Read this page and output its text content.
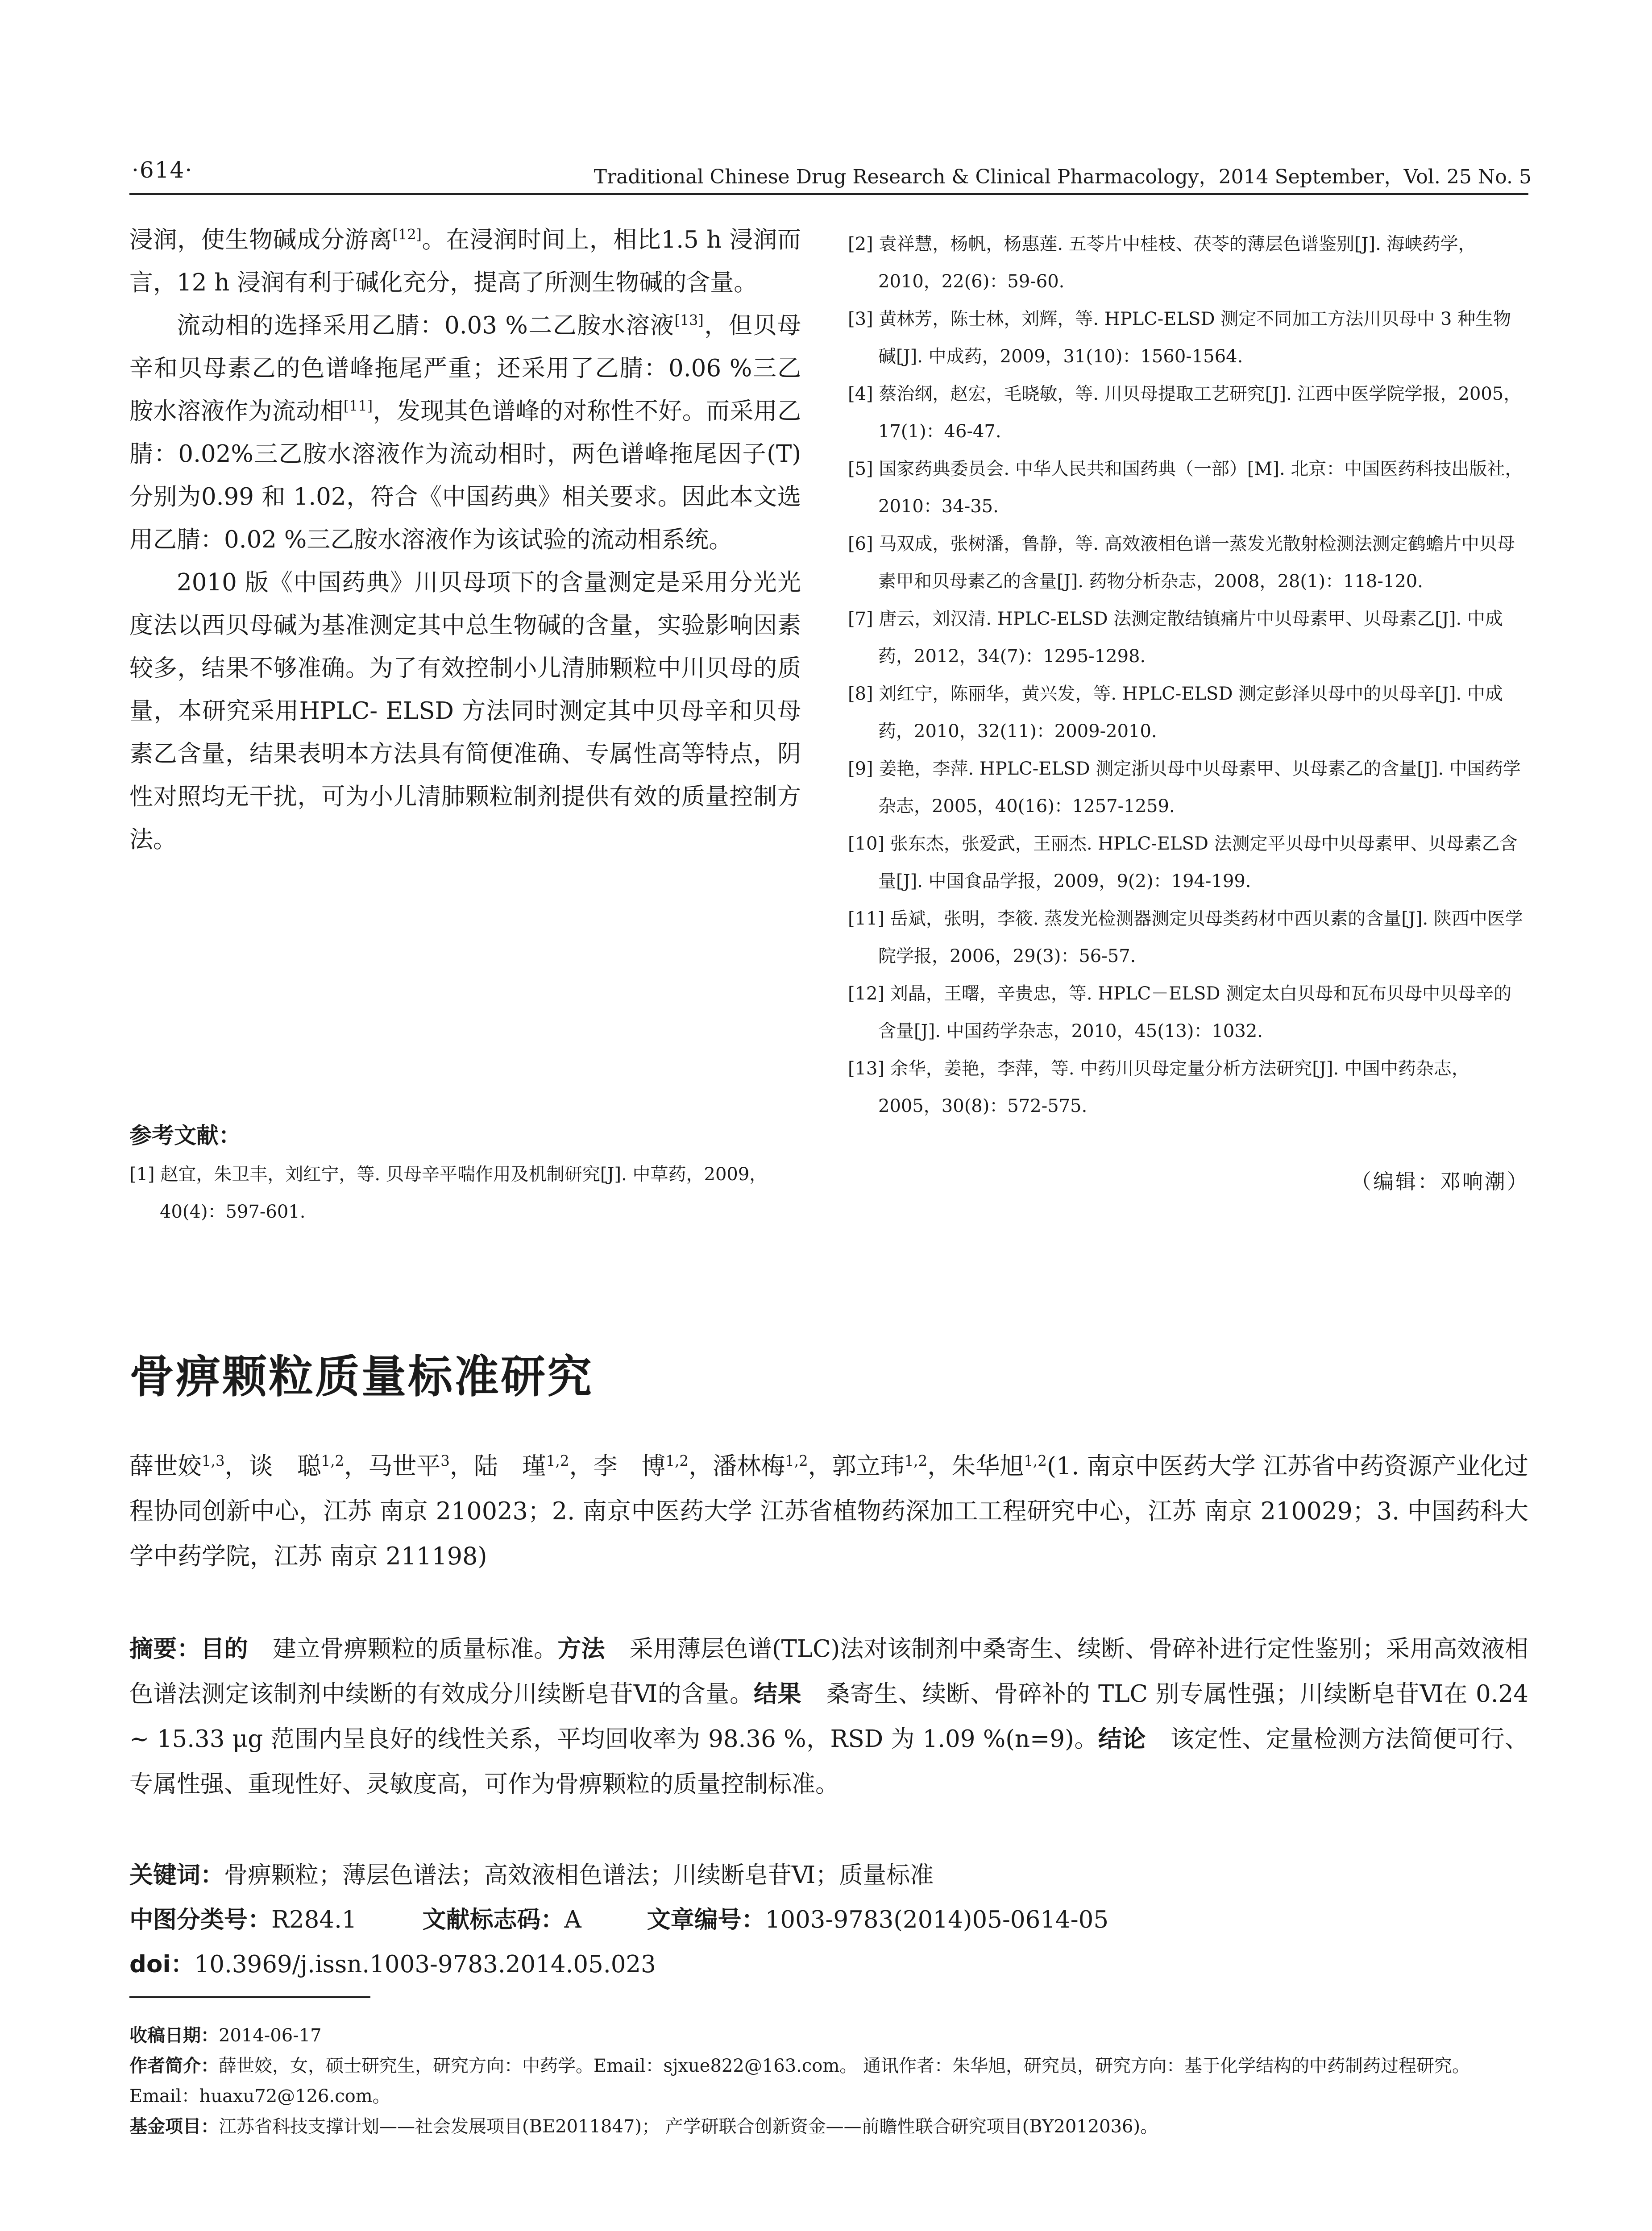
·614·	Traditional Chinese Drug Research & Clinical Pharmacology，2014 September，Vol. 25 No. 5

浸润，使生物碱成分游离[12]。在浸润时间上，相比1.5 h 浸润而言，12 h 浸润有利于碱化充分，提高了所测生物碱的含量。

流动相的选择采用乙腈：0.03 %二乙胺水溶液[13]，但贝母辛和贝母素乙的色谱峰拖尾严重；还采用了乙腈：0.06 %三乙胺水溶液作为流动相[11]，发现其色谱峰的对称性不好。而采用乙腈：0.02%三乙胺水溶液作为流动相时，两色谱峰拖尾因子(T)分别为0.99 和 1.02，符合《中国药典》相关要求。因此本文选用乙腈：0.02 %三乙胺水溶液作为该试验的流动相系统。

2010 版《中国药典》川贝母项下的含量测定是采用分光光度法以西贝母碱为基准测定其中总生物碱的含量，实验影响因素较多，结果不够准确。为了有效控制小儿清肺颗粒中川贝母的质量，本研究采用HPLC- ELSD 方法同时测定其中贝母辛和贝母素乙含量，结果表明本方法具有简便准确、专属性高等特点，阴性对照均无干扰，可为小儿清肺颗粒制剂提供有效的质量控制方法。

参考文献：

[1] 赵宜，朱卫丰，刘红宁，等. 贝母辛平喘作用及机制研究[J]. 中草药，2009，40(4)：597-601.

[2] 袁祥慧，杨帆，杨惠莲. 五苓片中桂枝、茯苓的薄层色谱鉴别[J]. 海峡药学，2010，22(6)：59-60.

[3] 黄林芳，陈士林，刘辉，等. HPLC-ELSD 测定不同加工方法川贝母中 3 种生物碱[J]. 中成药，2009，31(10)：1560-1564.

[4] 蔡治纲，赵宏，毛晓敏，等. 川贝母提取工艺研究[J]. 江西中医学院学报，2005，17(1)：46-47.

[5] 国家药典委员会. 中华人民共和国药典（一部）[M]. 北京：中国医药科技出版社，2010：34-35.

[6] 马双成，张树潘，鲁静，等. 高效液相色谱一蒸发光散射检测法测定鹤蟾片中贝母素甲和贝母素乙的含量[J]. 药物分析杂志，2008，28(1)：118-120.

[7] 唐云，刘汉清. HPLC-ELSD 法测定散结镇痛片中贝母素甲、贝母素乙[J]. 中成药，2012，34(7)：1295-1298.

[8] 刘红宁，陈丽华，黄兴发，等. HPLC-ELSD 测定彭泽贝母中的贝母辛[J]. 中成药，2010，32(11)：2009-2010.

[9] 姜艳，李萍. HPLC-ELSD 测定浙贝母中贝母素甲、贝母素乙的含量[J]. 中国药学杂志，2005，40(16)：1257-1259.

[10] 张东杰，张爱武，王丽杰. HPLC-ELSD 法测定平贝母中贝母素甲、贝母素乙含量[J]. 中国食品学报，2009，9(2)：194-199.

[11] 岳斌，张明，李筱. 蒸发光检测器测定贝母类药材中西贝素的含量[J]. 陕西中医学院学报，2006，29(3)：56-57.

[12] 刘晶，王曙，辛贵忠，等. HPLC－ELSD 测定太白贝母和瓦布贝母中贝母辛的含量[J]. 中国药学杂志，2010，45(13)：1032.

[13] 余华，姜艳，李萍，等. 中药川贝母定量分析方法研究[J]. 中国中药杂志，2005，30(8)：572-575.

（编辑：邓响潮）
骨痹颗粒质量标准研究
薛世姣$^{1,3}$，谈　聪$^{1,2}$，马世平$^3$，陆　瑾$^{1,2}$，李　博$^{1,2}$，潘林梅$^{1,2}$，郭立玮$^{1,2}$，朱华旭$^{1,2}$(1. 南京中医药大学 江苏省中药资源产业化过程协同创新中心，江苏 南京 210023；2. 南京中医药大学 江苏省植物药深加工工程研究中心，江苏 南京 210029；3. 中国药科大学中药学院，江苏 南京 211198)
摘要：目的 建立骨痹颗粒的质量标准。方法 采用薄层色谱(TLC)法对该制剂中桑寄生、续断、骨碎补进行定性鉴别；采用高效液相色谱法测定该制剂中续断的有效成分川续断皂苷Ⅵ的含量。结果 桑寄生、续断、骨碎补的 TLC 别专属性强；川续断皂苷Ⅵ在 0.24 ~ 15.33 μg 范围内呈良好的线性关系，平均回收率为 98.36 %，RSD 为 1.09 %(n=9)。结论 该定性、定量检测方法简便可行、专属性强、重现性好、灵敏度高，可作为骨痹颗粒的质量控制标准。
关键词：骨痹颗粒；薄层色谱法；高效液相色谱法；川续断皂苷Ⅵ；质量标准
中图分类号：R284.1	文献标志码：A	文章编号：1003-9783(2014)05-0614-05
doi：10.3969/j.issn.1003-9783.2014.05.023

收稿日期：2014-06-17

作者简介：薛世姣，女，硕士研究生，研究方向：中药学。Email：sjxue822@163.com。 通讯作者：朱华旭，研究员，研究方向：基于化学结构的中药制药过程研究。Email：huaxu72@126.com。

基金项目：江苏省科技支撑计划——社会发展项目(BE2011847)； 产学研联合创新资金——前瞻性联合研究项目(BY2012036)。
